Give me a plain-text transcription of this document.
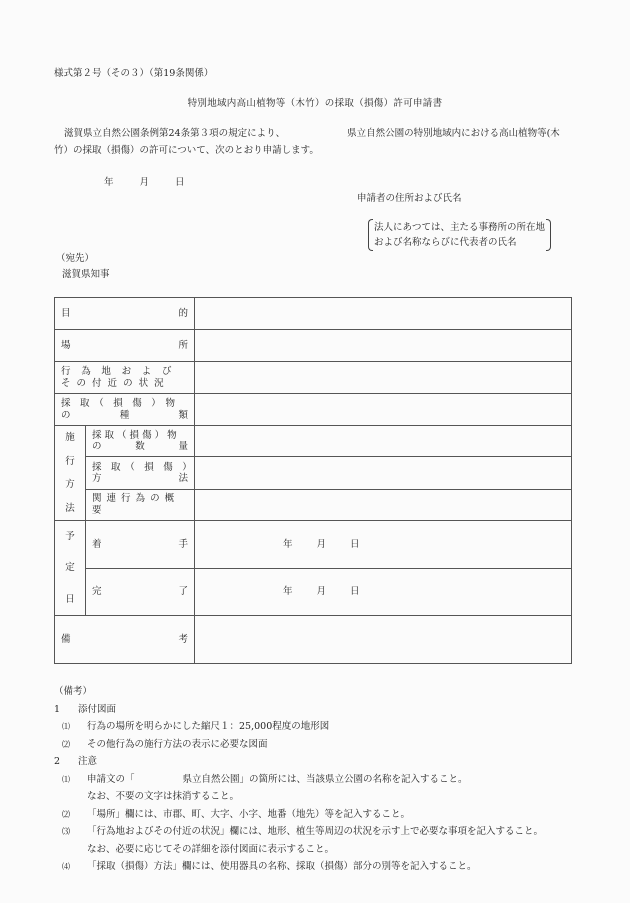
様式第２号（その３）（第19条関係）
特別地域内高山植物等（木竹）の採取（損傷）許可申請書
滋賀県立自然公園条例第24条第３項の規定により、	県立自然公園の特別地域内における高山植物等(木
竹）の採取（損傷）の許可について、次のとおり申請します。
年	月	日
申請者の住所および氏名
法人にあつては、主たる事務所の所在地
および名称ならびに代表者の氏名
（宛先）
滋賀県知事
目 的		

場 所		

行　為　地　お　よ　び
そ の 付 近 の 状 況		

採　取　（　損　傷　）　物
の 種 類		

施
行
方
法	採 取 （ 損 傷 ） 物
の 数 量	

	採　取　（　損　傷　）
方 法	

	関 連 行 為 の 概 要	

予
定
日	着 手	年 月 日

	完 了	年 月 日

備 考		

（備考）
1 添付図面
⑴ 行為の場所を明らかにした縮尺１：25,000程度の地形図
⑵ その他行為の施行方法の表示に必要な図面
2 注意
⑴ 申請文の「	県立自然公園」の箇所には、当該県立公園の名称を記入すること。
なお、不要の文字は抹消すること。
⑵ 「場所」欄には、市郡、町、大字、小字、地番（地先）等を記入すること。
⑶ 「行為地およびその付近の状況」欄には、地形、植生等周辺の状況を示す上で必要な事項を記入すること。
なお、必要に応じてその詳細を添付図面に表示すること。
⑷ 「採取（損傷）方法」欄には、使用器具の名称、採取（損傷）部分の別等を記入すること。
